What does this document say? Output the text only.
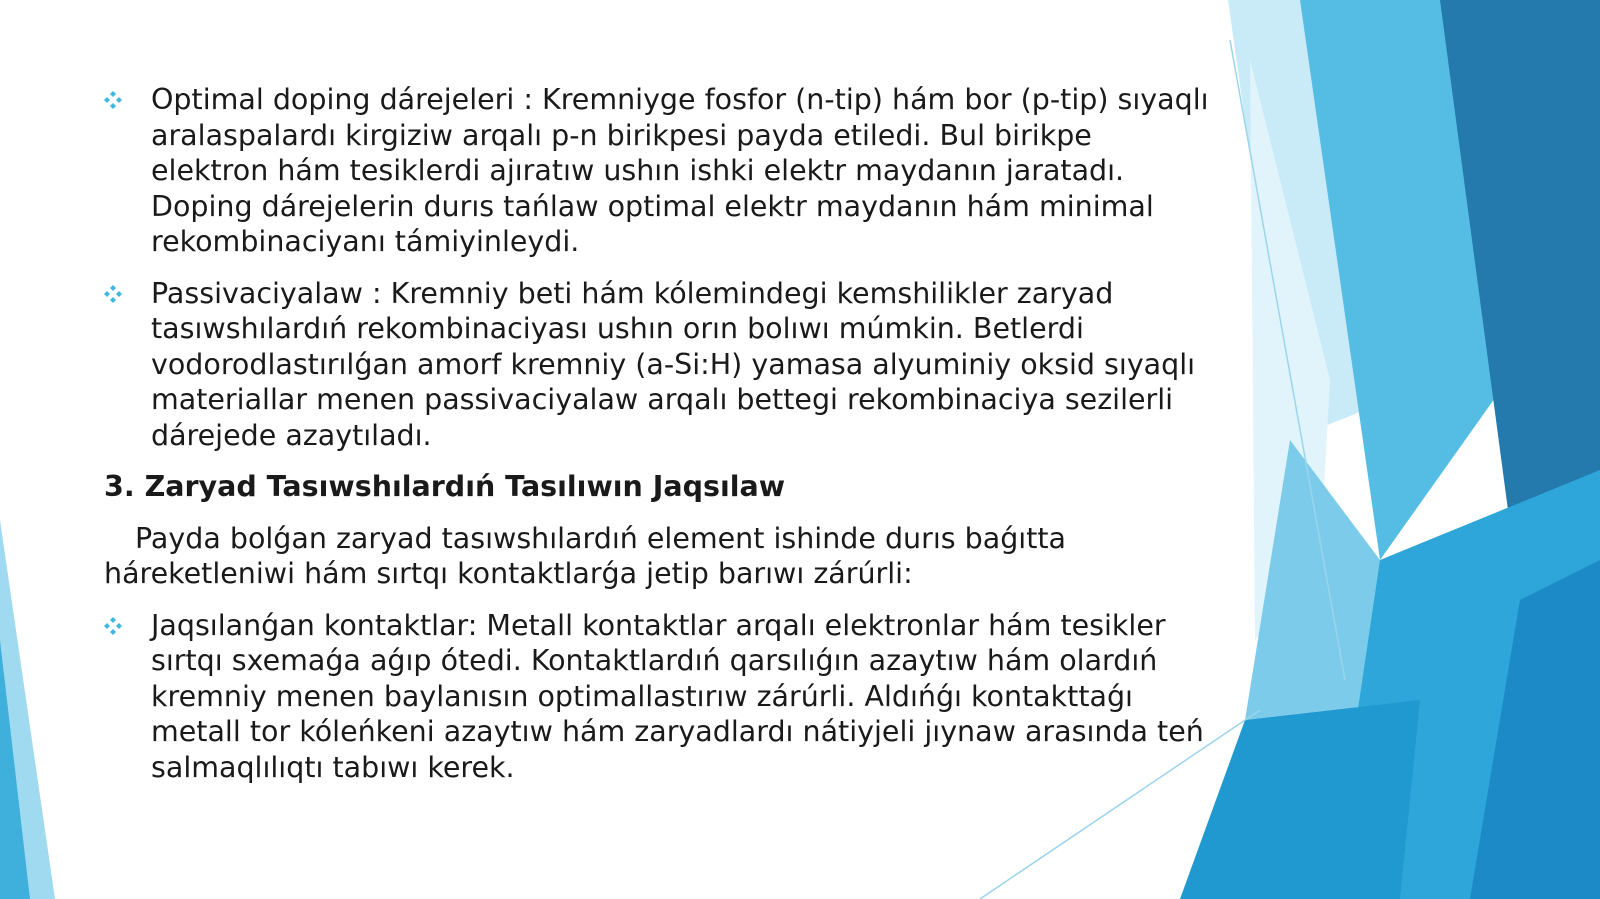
Optimal doping dárejeleri : Kremniyge fosfor (n-tip) hám bor (p-tip) sıyaqlı aralaspalardı kirgiziw arqalı p-n birikpesi payda etiledi. Bul birikpe elektron hám tesiklerdi ajıratıw ushın ishki elektr maydanın jaratadı. Doping dárejelerin durıs tańlaw optimal elektr maydanın hám minimal rekombinaciyanı támiyinleydi.
Passivaciyalaw : Kremniy beti hám kólemindegi kemshilikler zaryad tasıwshılardıń rekombinaciyası ushın orın bolıwı múmkin. Betlerdi vodorodlastırılǵan amorf kremniy (a-Si:H) yamasa alyuminiy oksid sıyaqlı materiallar menen passivaciyalaw arqalı bettegi rekombinaciya sezilerli dárejede azaytıladı.
3. Zaryad Tasıwshılardıń Tasılıwın Jaqsılaw
Payda bolǵan zaryad tasıwshılardıń element ishinde durıs baǵıtta háreketleniwi hám sırtqı kontaktlarǵa jetip barıwı zárúrli:
Jaqsılanǵan kontaktlar: Metall kontaktlar arqalı elektronlar hám tesikler sırtqı sxemaǵa aǵıp ótedi. Kontaktlardıń qarsılıǵın azaytıw hám olardıń kremniy menen baylanısın optimallastırıw zárúrli. Aldıńǵı kontakttaǵı metall tor kóleńkeni azaytıw hám zaryadlardı nátiyjeli jıynaw arasında teń salmaqlılıqtı tabıwı kerek.
